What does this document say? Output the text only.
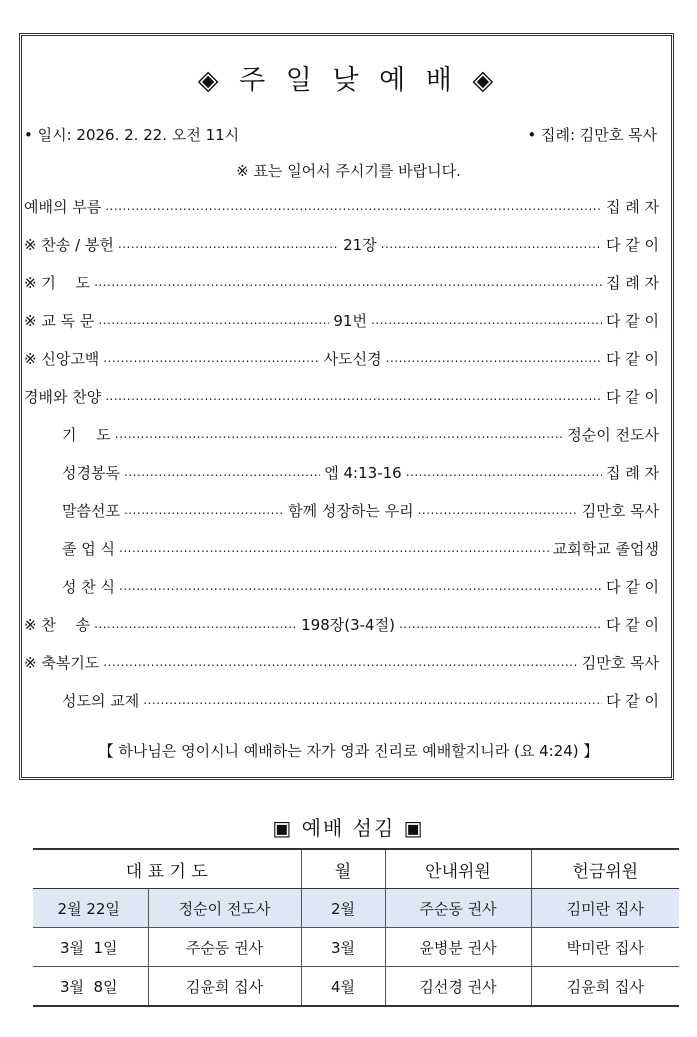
◈ 주 일 낮 예 배 ◈
• 일시: 2026. 2. 22. 오전 11시	• 집례: 김만호 목사
※ 표는 일어서 주시기를 바랍니다.
예배의 부름 .....	집 례 자
※ 찬송 / 봉헌 .....	21장 .....	다 같 이
※ 기　 도 .....	집 례 자
※ 교 독 문 .....	91번 .....	다 같 이
※ 신앙고백 .....	사도신경 .....	다 같 이
경배와 찬양 .....	다 같 이
기　 도 .....	정순이 전도사
성경봉독 .....	엡 4:13-16 .....	집 례 자
말씀선포 .....	함께 성장하는 우리 .....	김만호 목사
졸 업 식 .....	교회학교 졸업생
성 찬 식 .....	다 같 이
※ 찬　 송 .....	198장(3-4절) .....	다 같 이
※ 축복기도 .....	김만호 목사
성도의 교제 .....	다 같 이
【 하나님은 영이시니 예배하는 자가 영과 진리로 예배할지니라 (요 4:24) 】
▣ 예배 섬김 ▣
대 표 기 도		월	안내위원	헌금위원
2월 22일	정순이 전도사	2월	주순동 권사	김미란 집사
3월  1일	주순동 권사	3월	윤병분 권사	박미란 집사
3월  8일	김윤희 집사	4월	김선경 권사	김윤희 집사
